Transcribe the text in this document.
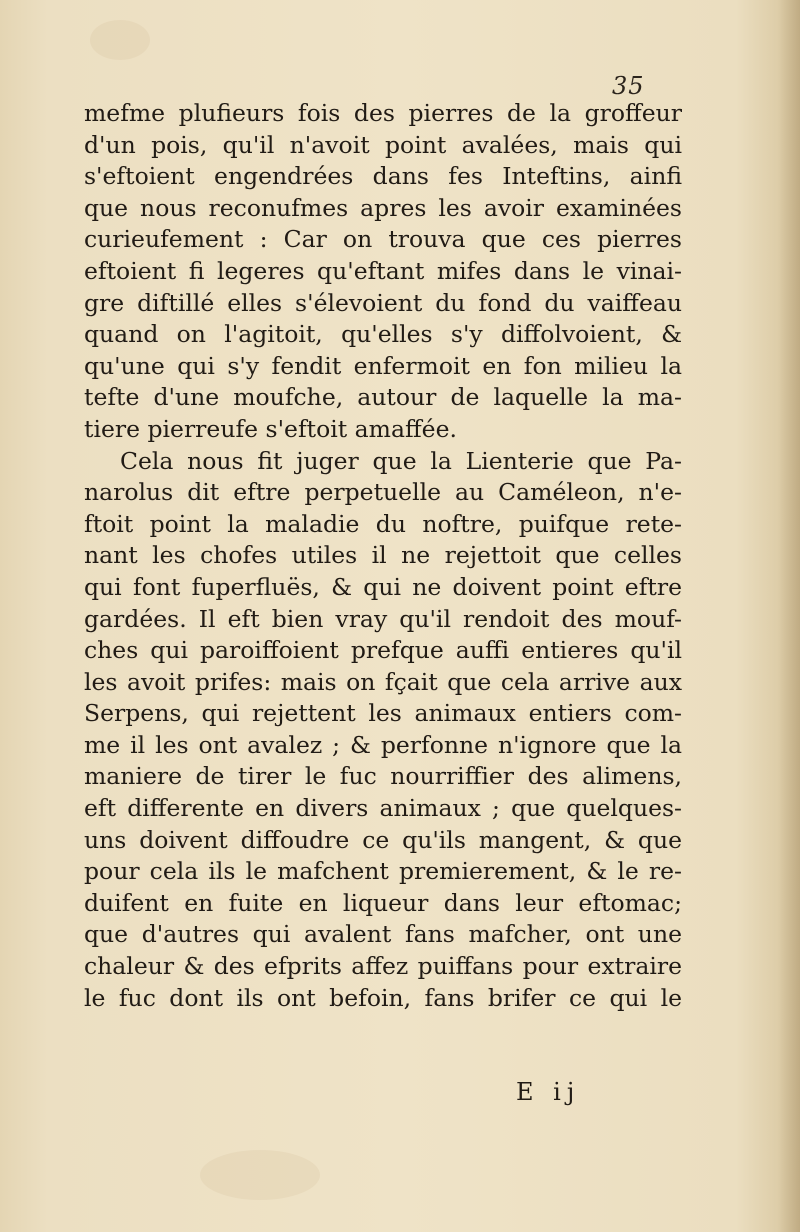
35
mefme plufieurs fois des pierres de la groffeur
d'un pois, qu'il n'avoit point avalées, mais qui
s'eftoient engendrées dans fes Inteftins, ainfi
que nous reconufmes apres les avoir examinées
curieufement : Car on trouva que ces pierres
eftoient fi legeres qu'eftant mifes dans le vinai-
gre diftillé elles s'élevoient du fond du vaiffeau
quand on l'agitoit, qu'elles s'y diffolvoient, &
qu'une qui s'y fendit enfermoit en fon milieu la
tefte d'une moufche, autour de laquelle la ma-
tiere pierreufe s'eftoit amaffée.
Cela nous fit juger que la Lienterie que Pa-
narolus dit eftre perpetuelle au Caméleon, n'e-
ftoit point la maladie du noftre, puifque rete-
nant les chofes utiles il ne rejettoit que celles
qui font fuperfluës, & qui ne doivent point eftre
gardées. Il eft bien vray qu'il rendoit des mouf-
ches qui paroiffoient prefque auffi entieres qu'il
les avoit prifes: mais on fçait que cela arrive aux
Serpens, qui rejettent les animaux entiers com-
me il les ont avalez ; & perfonne n'ignore que la
maniere de tirer le fuc nourriffier des alimens,
eft differente en divers animaux ; que quelques-
uns doivent diffoudre ce qu'ils mangent, & que
pour cela ils le mafchent premierement, & le re-
duifent en fuite en liqueur dans leur eftomac;
que d'autres qui avalent fans mafcher, ont une
chaleur & des efprits affez puiffans pour extraire
le fuc dont ils ont befoin, fans brifer ce qui le
E ij
